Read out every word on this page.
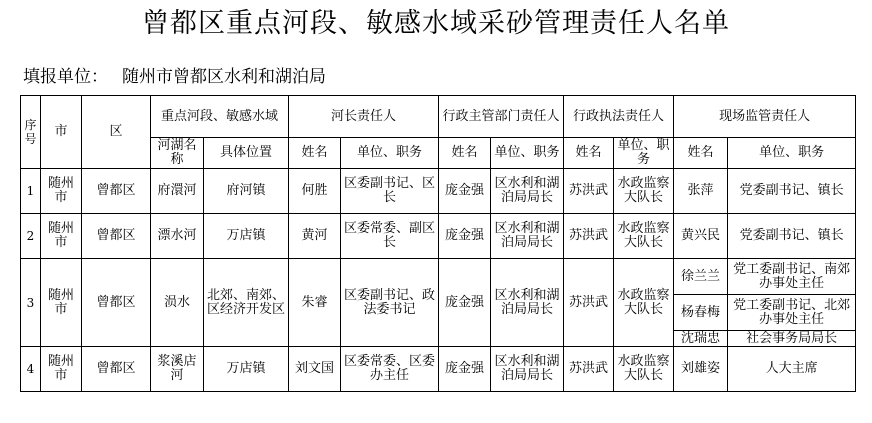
曾都区重点河段、敏感水域采砂管理责任人名单
填报单位： 随州市曾都区水利和湖泊局
序号	市	区	重点河段、敏感水域		河长责任人		行政主管部门责任人		行政执法责任人		现场监管责任人	
			河湖名称	具体位置	姓名	单位、职务	姓名	单位、职务	姓名	单位、职务	姓名	单位、职务
1	随州市	曾都区	府澴河	府河镇	何胜	区委副书记、区长	庞金强	区水利和湖泊局局长	苏洪武	水政监察大队长	张萍	党委副书记、镇长
2	随州市	曾都区	漂水河	万店镇	黄河	区委常委、副区长	庞金强	区水利和湖泊局局长	苏洪武	水政监察大队长	黄兴民	党委副书记、镇长
3	随州市	曾都区	涢水	北郊、南郊、区经济开发区	朱睿	区委副书记、政法委书记	庞金强	区水利和湖泊局局长	苏洪武	水政监察大队长	徐兰兰	党工委副书记、南郊办事处主任
											杨春梅	党工委副书记、北郊办事处主任
											沈瑞忠	社会事务局局长
4	随州市	曾都区	浆溪店河	万店镇	刘文国	区委常委、区委办主任	庞金强	区水利和湖泊局局长	苏洪武	水政监察大队长	刘雄姿	人大主席
